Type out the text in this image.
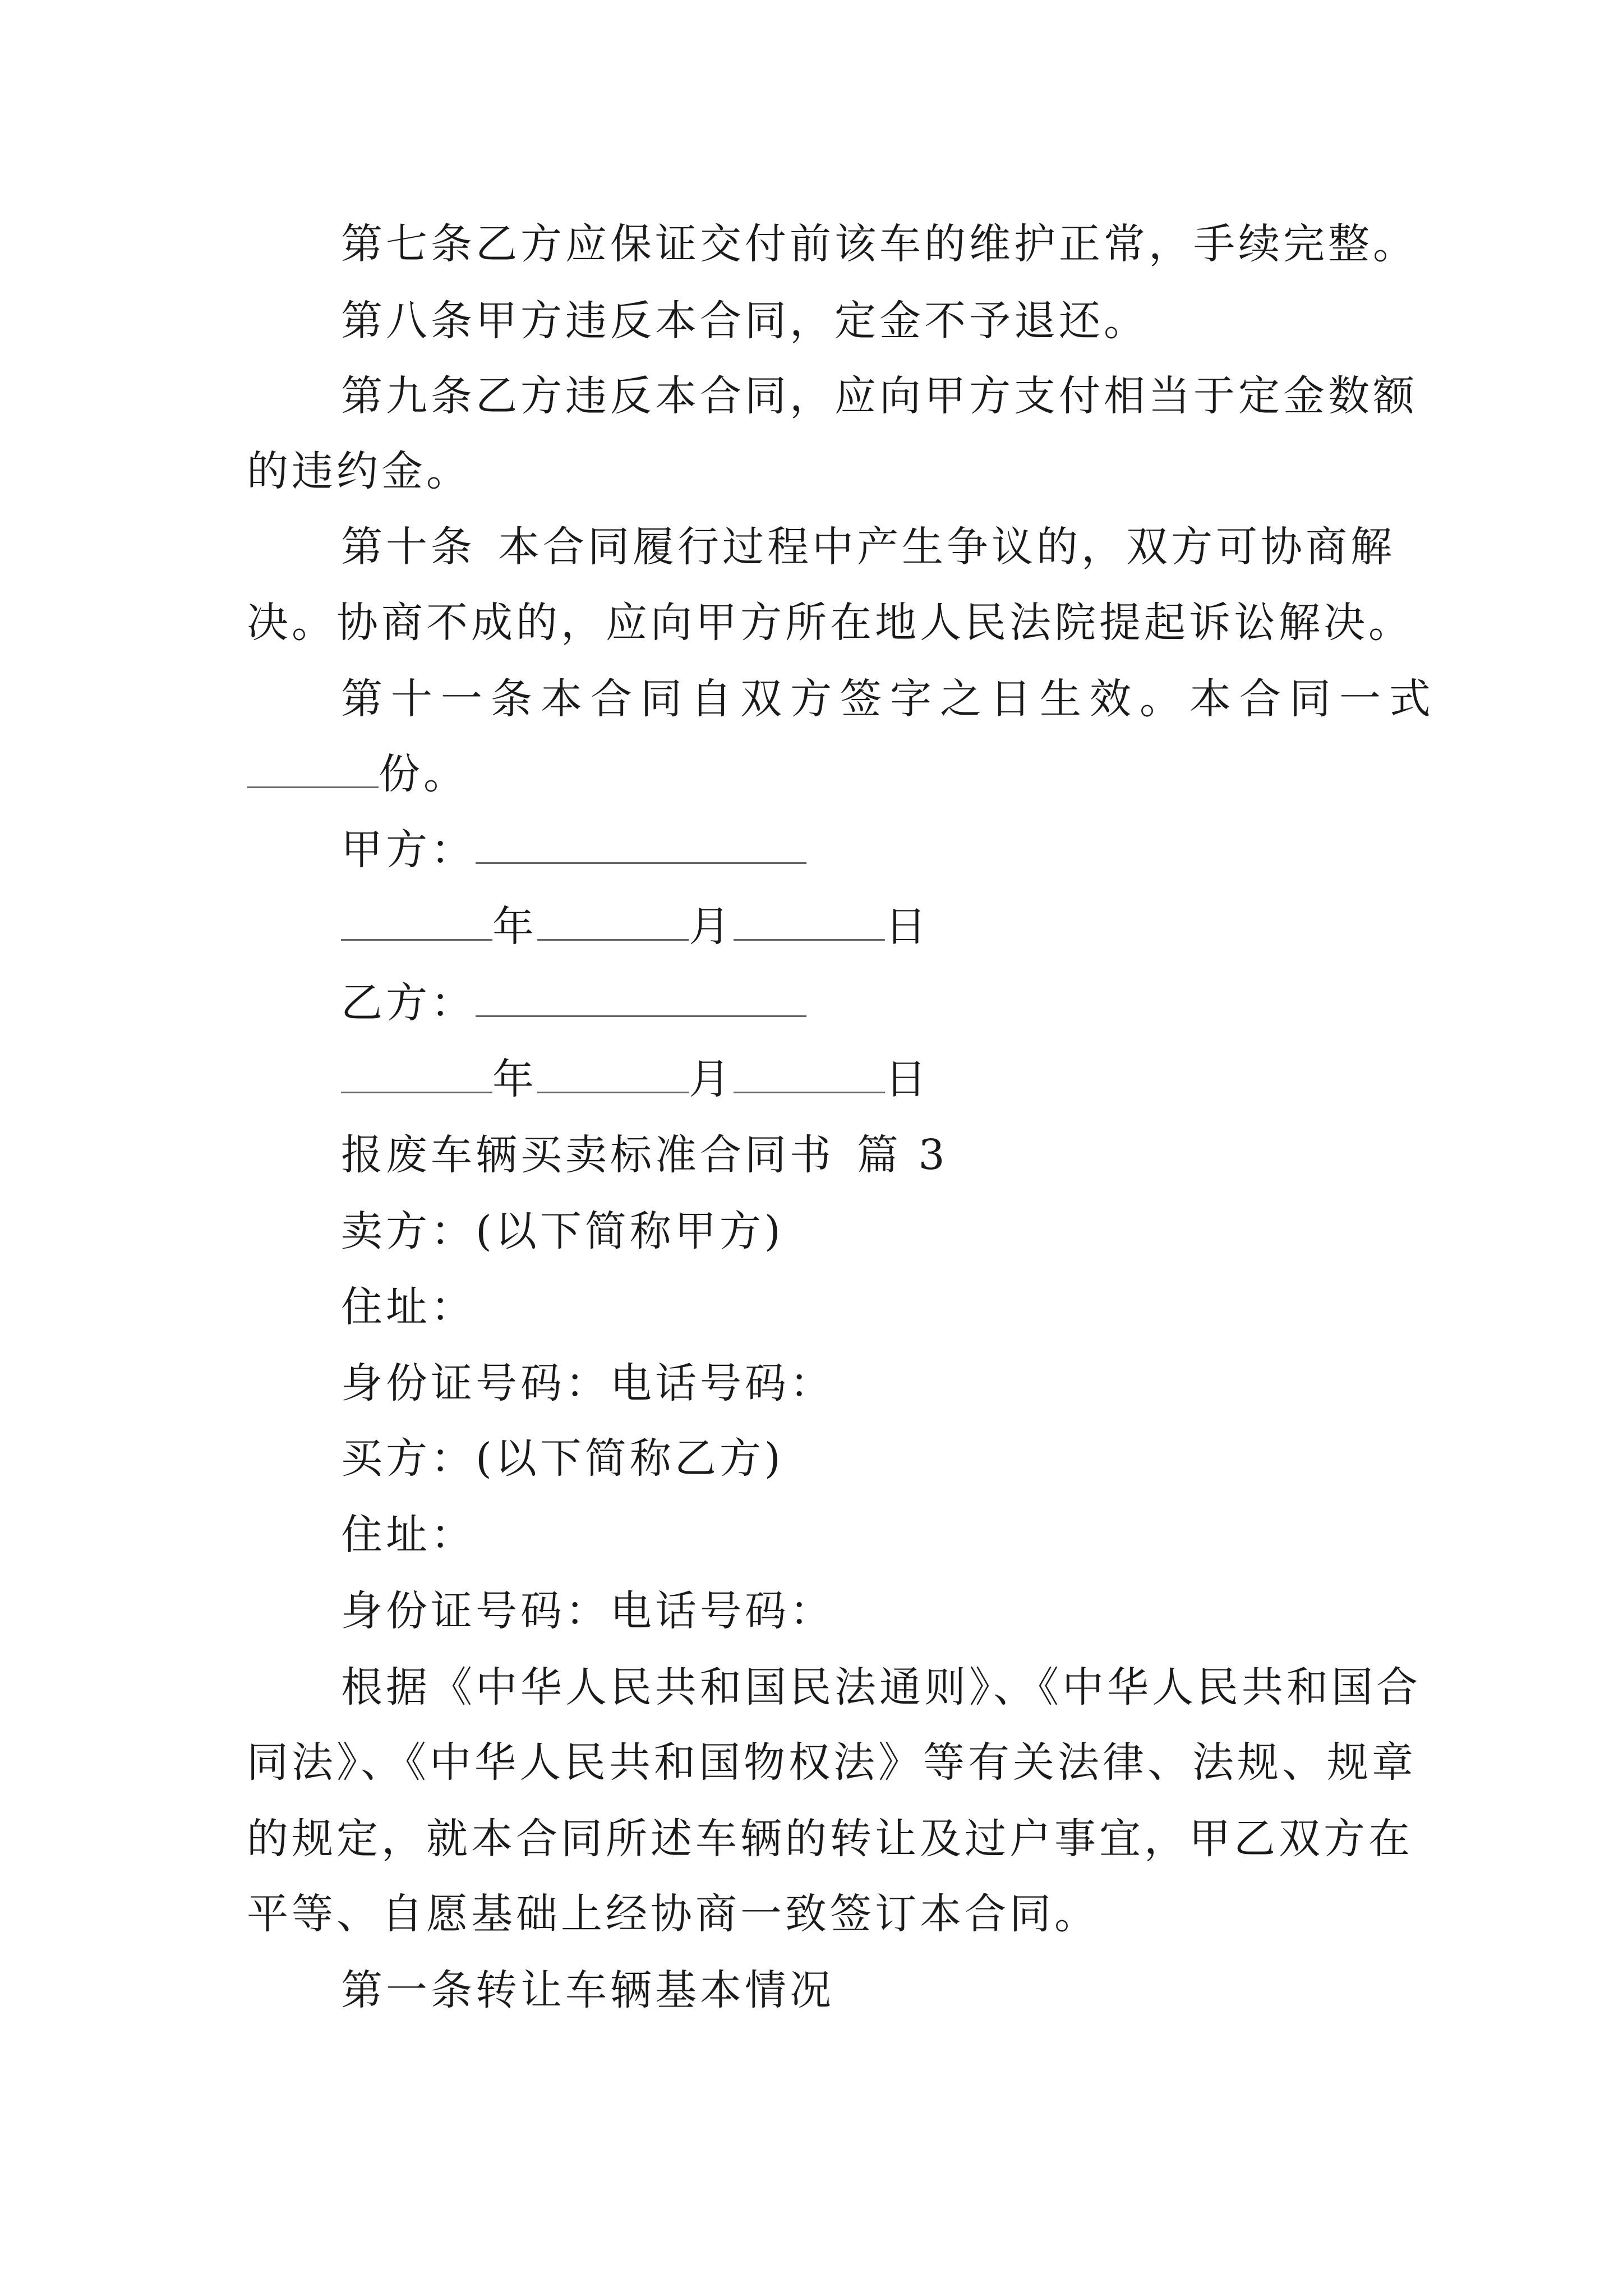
第七条乙方应保证交付前该车的维护正常，手续完整。
第八条甲方违反本合同，定金不予退还。
第九条乙方违反本合同，应向甲方支付相当于定金数额
的违约金。
第十条 本合同履行过程中产生争议的，双方可协商解
决。协商不成的，应向甲方所在地人民法院提起诉讼解决。
第十一条本合同自双方签字之日生效。本合同一式
份。
甲方：
年	月	日
乙方：
年	月	日
报废车辆买卖标准合同书 篇 3
卖方：(以下简称甲方)
住址：
身份证号码：电话号码：
买方：(以下简称乙方)
住址：
身份证号码：电话号码：
根据《中华人民共和国民法通则》、《中华人民共和国合
同法》、《中华人民共和国物权法》等有关法律、法规、规章
的规定，就本合同所述车辆的转让及过户事宜，甲乙双方在
平等、自愿基础上经协商一致签订本合同。
第一条转让车辆基本情况
